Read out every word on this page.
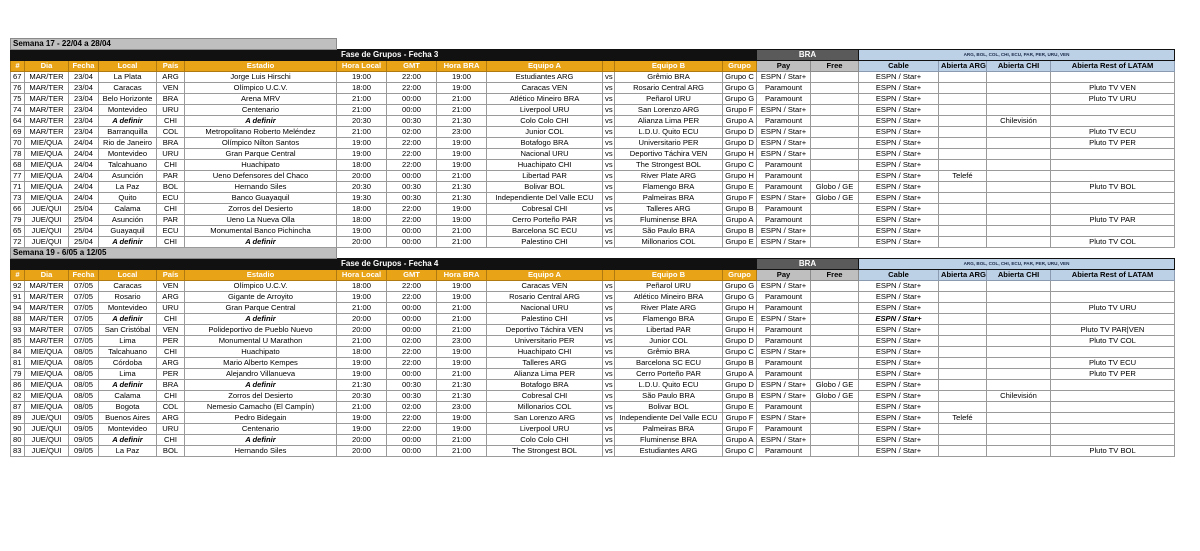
Semana 17 - 22/04 a 28/04																		
						Fase de Grupos - Fecha 3							BRA		ARG, BOL, COL, CHI, ECU, PAR, PER, URU, VEN			
#	Dia	Fecha	Local	País	Estadio	Hora Local	GMT	Hora BRA	Equipo A		Equipo B	Grupo	Pay	Free	Cable	Abierta ARG	Abierta CHI	Abierta Rest of LATAM
67	MAR/TER	23/04	La Plata	ARG	Jorge Luis Hirschi	19:00	22:00	19:00	Estudiantes ARG	vs	Grêmio BRA	Grupo C	ESPN / Star+		ESPN / Star+			
76	MAR/TER	23/04	Caracas	VEN	Olímpico U.C.V.	18:00	22:00	19:00	Caracas VEN	vs	Rosario Central ARG	Grupo G	Paramount		ESPN / Star+			Pluto TV VEN
75	MAR/TER	23/04	Belo Horizonte	BRA	Arena MRV	21:00	00:00	21:00	Atlético Mineiro BRA	vs	Peñarol URU	Grupo G	Paramount		ESPN / Star+			Pluto TV URU
74	MAR/TER	23/04	Montevideo	URU	Centenario	21:00	00:00	21:00	Liverpool URU	vs	San Lorenzo ARG	Grupo F	ESPN / Star+		ESPN / Star+			
64	MAR/TER	23/04	A definir	CHI	A definir	20:30	00:30	21:30	Colo Colo CHI	vs	Alianza Lima PER	Grupo A	Paramount		ESPN / Star+		Chilevisión	
69	MAR/TER	23/04	Barranquilla	COL	Metropolitano Roberto Meléndez	21:00	02:00	23:00	Junior COL	vs	L.D.U. Quito ECU	Grupo D	ESPN / Star+		ESPN / Star+			Pluto TV ECU
70	MIE/QUA	24/04	Rio de Janeiro	BRA	Olímpico Nilton Santos	19:00	22:00	19:00	Botafogo BRA	vs	Universitario PER	Grupo D	ESPN / Star+		ESPN / Star+			Pluto TV PER
78	MIE/QUA	24/04	Montevideo	URU	Gran Parque Central	19:00	22:00	19:00	Nacional URU	vs	Deportivo Táchira VEN	Grupo H	ESPN / Star+		ESPN / Star+			
68	MIE/QUA	24/04	Talcahuano	CHI	Huachipato	18:00	22:00	19:00	Huachipato CHI	vs	The Strongest BOL	Grupo C	Paramount		ESPN / Star+			
77	MIE/QUA	24/04	Asunción	PAR	Ueno Defensores del Chaco	20:00	00:00	21:00	Libertad PAR	vs	River Plate ARG	Grupo H	Paramount		ESPN / Star+	Telefé		
71	MIE/QUA	24/04	La Paz	BOL	Hernando Siles	20:30	00:30	21:30	Bolivar BOL	vs	Flamengo BRA	Grupo E	Paramount	Globo / GE	ESPN / Star+			Pluto TV BOL
73	MIE/QUA	24/04	Quito	ECU	Banco Guayaquil	19:30	00:30	21:30	Independiente Del Valle ECU	vs	Palmeiras BRA	Grupo F	ESPN / Star+	Globo / GE	ESPN / Star+			
66	JUE/QUI	25/04	Calama	CHI	Zorros del Desierto	18:00	22:00	19:00	Cobresal CHI	vs	Talleres ARG	Grupo B	Paramount		ESPN / Star+			
79	JUE/QUI	25/04	Asunción	PAR	Ueno La Nueva Olla	18:00	22:00	19:00	Cerro Porteño PAR	vs	Fluminense BRA	Grupo A	Paramount		ESPN / Star+			Pluto TV PAR
65	JUE/QUI	25/04	Guayaquil	ECU	Monumental Banco Pichincha	19:00	00:00	21:00	Barcelona SC ECU	vs	São Paulo BRA	Grupo B	ESPN / Star+		ESPN / Star+			
72	JUE/QUI	25/04	A definir	CHI	A definir	20:00	00:00	21:00	Palestino CHI	vs	Millonarios COL	Grupo E	ESPN / Star+		ESPN / Star+			Pluto TV COL
Semana 19 - 6/05 a 12/05																		
						Fase de Grupos - Fecha 4							BRA		ARG, BOL, COL, CHI, ECU, PAR, PER, URU, VEN			
#	Dia	Fecha	Local	País	Estadio	Hora Local	GMT	Hora BRA	Equipo A		Equipo B	Grupo	Pay	Free	Cable	Abierta ARG	Abierta CHI	Abierta Rest of LATAM
92	MAR/TER	07/05	Caracas	VEN	Olímpico U.C.V.	18:00	22:00	19:00	Caracas VEN	vs	Peñarol URU	Grupo G	ESPN / Star+		ESPN / Star+			
91	MAR/TER	07/05	Rosario	ARG	Gigante de Arroyito	19:00	22:00	19:00	Rosario Central ARG	vs	Atlético Mineiro BRA	Grupo G	Paramount		ESPN / Star+			
94	MAR/TER	07/05	Montevideo	URU	Gran Parque Central	21:00	00:00	21:00	Nacional URU	vs	River Plate ARG	Grupo H	Paramount		ESPN / Star+			Pluto TV URU
88	MAR/TER	07/05	A definir	CHI	A definir	20:00	00:00	21:00	Palestino CHI	vs	Flamengo BRA	Grupo E	ESPN / Star+		ESPN / Star+			
93	MAR/TER	07/05	San Cristóbal	VEN	Polideportivo de Pueblo Nuevo	20:00	00:00	21:00	Deportivo Táchira VEN	vs	Libertad PAR	Grupo H	Paramount		ESPN / Star+			Pluto TV PAR|VEN
85	MAR/TER	07/05	Lima	PER	Monumental U Marathon	21:00	02:00	23:00	Universitario PER	vs	Junior COL	Grupo D	Paramount		ESPN / Star+			Pluto TV COL
84	MIE/QUA	08/05	Talcahuano	CHI	Huachipato	18:00	22:00	19:00	Huachipato CHI	vs	Grêmio BRA	Grupo C	ESPN / Star+		ESPN / Star+			
81	MIE/QUA	08/05	Córdoba	ARG	Mario Alberto Kempes	19:00	22:00	19:00	Talleres ARG	vs	Barcelona SC ECU	Grupo B	Paramount		ESPN / Star+			Pluto TV ECU
79	MIE/QUA	08/05	Lima	PER	Alejandro Villanueva	19:00	00:00	21:00	Alianza Lima PER	vs	Cerro Porteño PAR	Grupo A	Paramount		ESPN / Star+			Pluto TV PER
86	MIE/QUA	08/05	A definir	BRA	A definir	21:30	00:30	21:30	Botafogo BRA	vs	L.D.U. Quito ECU	Grupo D	ESPN / Star+	Globo / GE	ESPN / Star+			
82	MIE/QUA	08/05	Calama	CHI	Zorros del Desierto	20:30	00:30	21:30	Cobresal CHI	vs	São Paulo BRA	Grupo B	ESPN / Star+	Globo / GE	ESPN / Star+		Chilevisión	
87	MIE/QUA	08/05	Bogota	COL	Nemesio Camacho (El Campín)	21:00	02:00	23:00	Millonarios COL	vs	Bolivar BOL	Grupo E	Paramount		ESPN / Star+			
89	JUE/QUI	09/05	Buenos Aires	ARG	Pedro Bidegain	19:00	22:00	19:00	San Lorenzo ARG	vs	Independiente Del Valle ECU	Grupo F	ESPN / Star+		ESPN / Star+	Telefé		
90	JUE/QUI	09/05	Montevideo	URU	Centenario	19:00	22:00	19:00	Liverpool URU	vs	Palmeiras BRA	Grupo F	Paramount		ESPN / Star+			
80	JUE/QUI	09/05	A definir	CHI	A definir	20:00	00:00	21:00	Colo Colo CHI	vs	Fluminense BRA	Grupo A	ESPN / Star+		ESPN / Star+			
83	JUE/QUI	09/05	La Paz	BOL	Hernando Siles	20:00	00:00	21:00	The Strongest BOL	vs	Estudiantes ARG	Grupo C	Paramount		ESPN / Star+			Pluto TV BOL
